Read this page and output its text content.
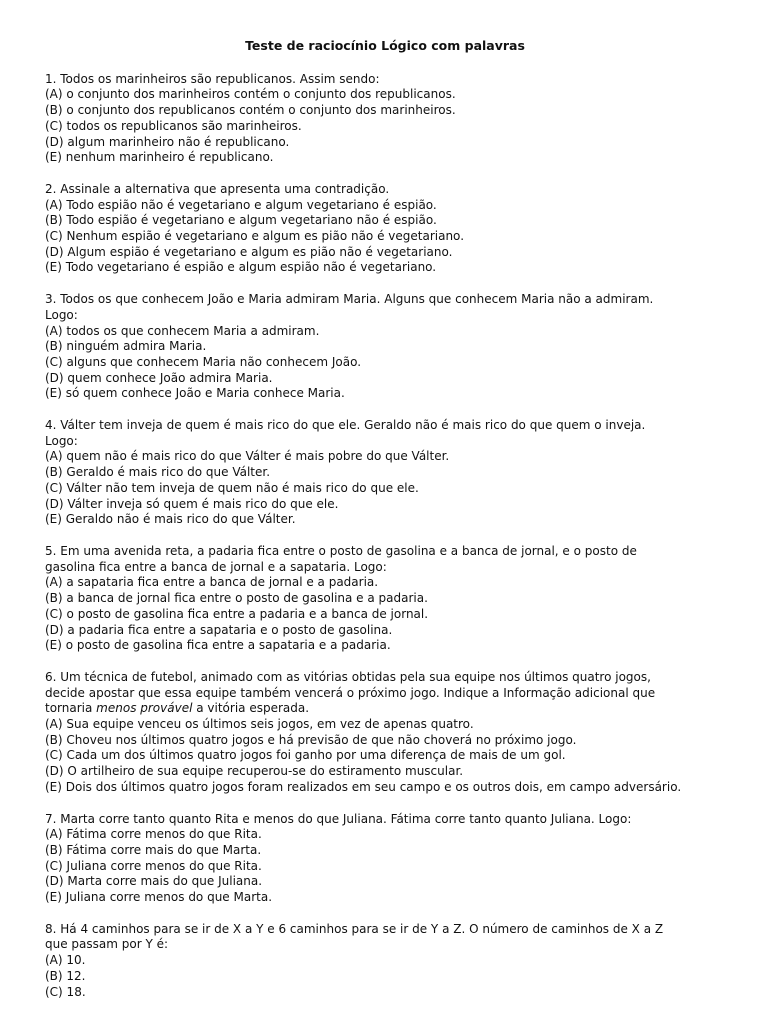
Teste de raciocínio Lógico com palavras
1. Todos os marinheiros são republicanos. Assim sendo:
(A) o conjunto dos marinheiros contém o conjunto dos republicanos.
(B) o conjunto dos republicanos contém o conjunto dos marinheiros.
(C) todos os republicanos são marinheiros.
(D) algum marinheiro não é republicano.
(E) nenhum marinheiro é republicano.
2. Assinale a alternativa que apresenta uma contradição.
(A) Todo espião não é vegetariano e algum vegetariano é espião.
(B) Todo espião é vegetariano e algum vegetariano não é espião.
(C) Nenhum espião é vegetariano e algum es pião não é vegetariano.
(D) Algum espião é vegetariano e algum es pião não é vegetariano.
(E) Todo vegetariano é espião e algum espião não é vegetariano.
3. Todos os que conhecem João e Maria admiram Maria. Alguns que conhecem Maria não a admiram.
Logo:
(A) todos os que conhecem Maria a admiram.
(B) ninguém admira Maria.
(C) alguns que conhecem Maria não conhecem João.
(D) quem conhece João admira Maria.
(E) só quem conhece João e Maria conhece Maria.
4. Válter tem inveja de quem é mais rico do que ele. Geraldo não é mais rico do que quem o inveja.
Logo:
(A) quem não é mais rico do que Válter é mais pobre do que Válter.
(B) Geraldo é mais rico do que Válter.
(C) Válter não tem inveja de quem não é mais rico do que ele.
(D) Válter inveja só quem é mais rico do que ele.
(E) Geraldo não é mais rico do que Válter.
5. Em uma avenida reta, a padaria fica entre o posto de gasolina e a banca de jornal, e o posto de
gasolina fica entre a banca de jornal e a sapataria. Logo:
(A) a sapataria fica entre a banca de jornal e a padaria.
(B) a banca de jornal fica entre o posto de gasolina e a padaria.
(C) o posto de gasolina fica entre a padaria e a banca de jornal.
(D) a padaria fica entre a sapataria e o posto de gasolina.
(E) o posto de gasolina fica entre a sapataria e a padaria.
6. Um técnica de futebol, animado com as vitórias obtidas pela sua equipe nos últimos quatro jogos,
decide apostar que essa equipe também vencerá o próximo jogo. Indique a Informação adicional que
tornaria menos provável a vitória esperada.
(A) Sua equipe venceu os últimos seis jogos, em vez de apenas quatro.
(B) Choveu nos últimos quatro jogos e há previsão de que não choverá no próximo jogo.
(C) Cada um dos últimos quatro jogos foi ganho por uma diferença de mais de um gol.
(D) O artilheiro de sua equipe recuperou-se do estiramento muscular.
(E) Dois dos últimos quatro jogos foram realizados em seu campo e os outros dois, em campo adversário.
7. Marta corre tanto quanto Rita e menos do que Juliana. Fátima corre tanto quanto Juliana. Logo:
(A) Fátima corre menos do que Rita.
(B) Fátima corre mais do que Marta.
(C) Juliana corre menos do que Rita.
(D) Marta corre mais do que Juliana.
(E) Juliana corre menos do que Marta.
8. Há 4 caminhos para se ir de X a Y e 6 caminhos para se ir de Y a Z. O número de caminhos de X a Z
que passam por Y é:
(A) 10.
(B) 12.
(C) 18.
